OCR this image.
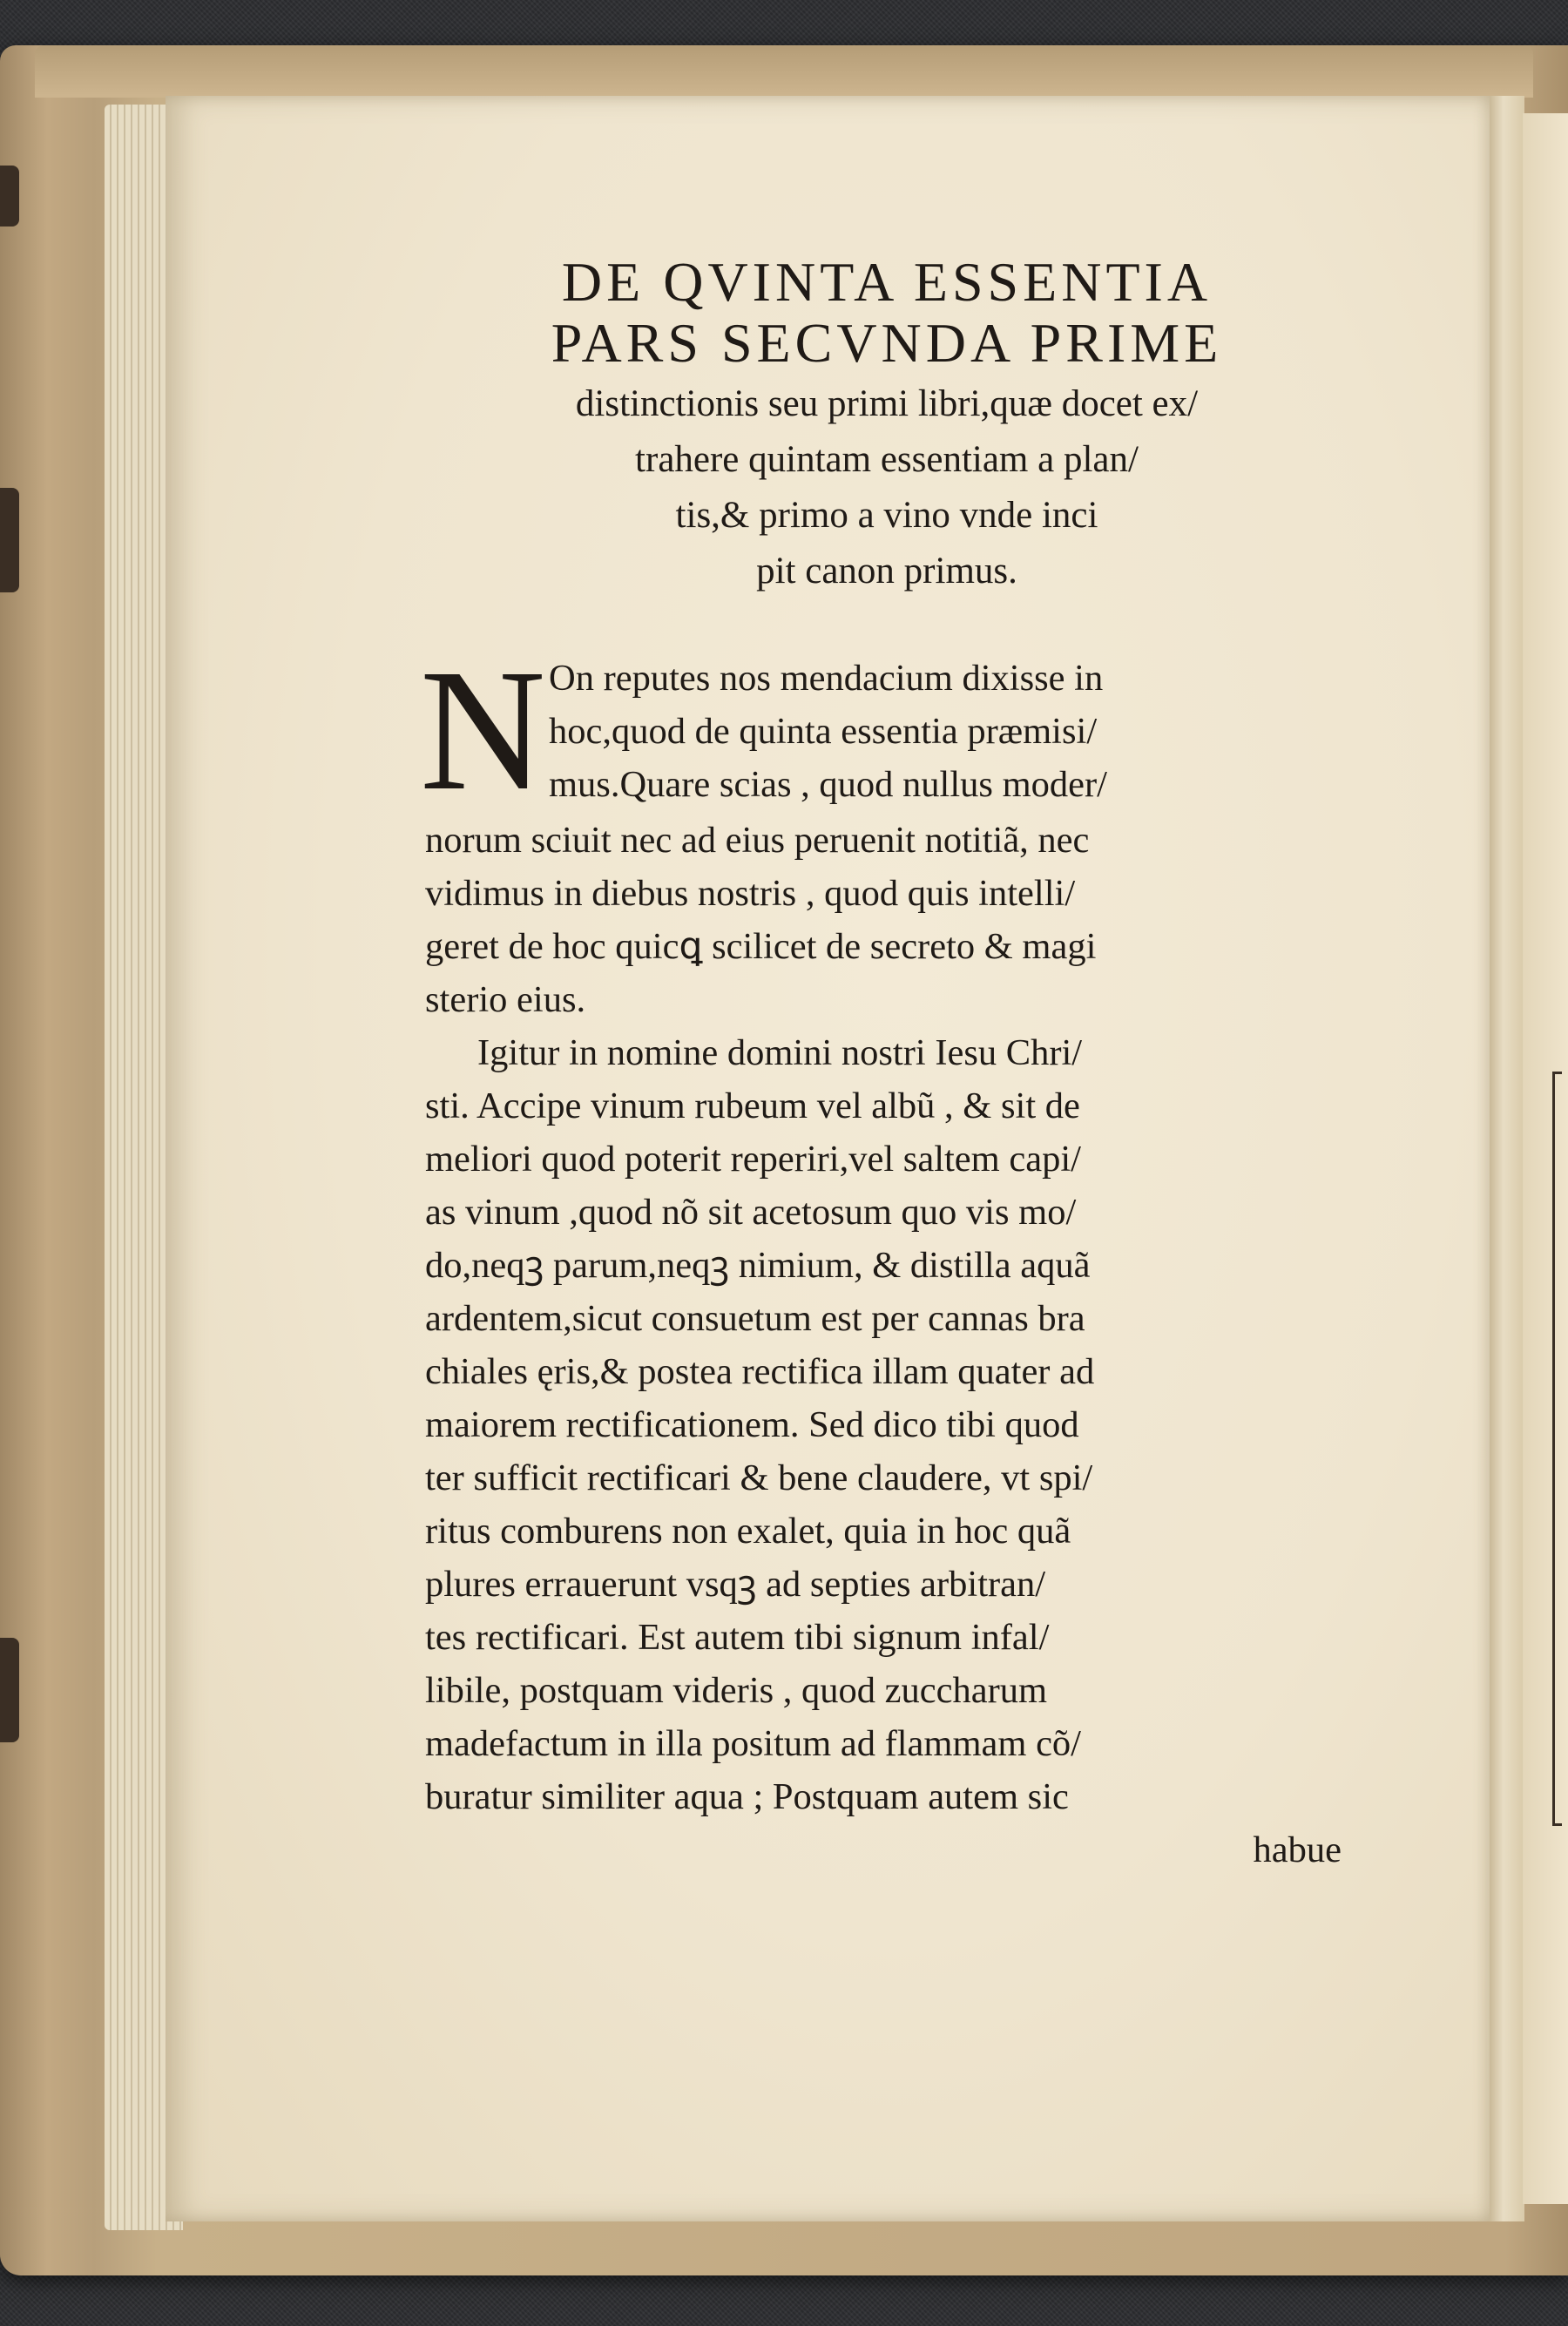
DE QVINTA ESSENTIA
PARS SECVNDA PRIME
distinctionis seu primi libri,quæ docet ex/
trahere quintam essentiam a plan/
tis,& primo a vino vnde inci
pit canon primus.
N On reputes nos mendacium dixisse in
hoc,quod de quinta essentia præmisi/
mus.Quare scias , quod nullus moder/
norum sciuit nec ad eius peruenit notitiã, nec
vidimus in diebus nostris , quod quis intelli/
geret de hoc quicꝗ scilicet de secreto & magi
sterio eius.
Igitur in nomine domini nostri Iesu Chri/
sti. Accipe vinum rubeum vel albũ , & sit de
meliori quod poterit reperiri,vel saltem capi/
as vinum ,quod nõ sit acetosum quo vis mo/
do,neqꝫ parum,neqꝫ nimium, & distilla aquã
ardentem,sicut consuetum est per cannas bra
chiales ęris,& postea rectifica illam quater ad
maiorem rectificationem. Sed dico tibi quod
ter sufficit rectificari & bene claudere, vt spi/
ritus comburens non exalet, quia in hoc quã
plures errauerunt vsqꝫ ad septies arbitran/
tes rectificari. Est autem tibi signum infal/
libile, postquam videris , quod zuccharum
madefactum in illa positum ad flammam cõ/
buratur similiter aqua ; Postquam autem sic
habue
